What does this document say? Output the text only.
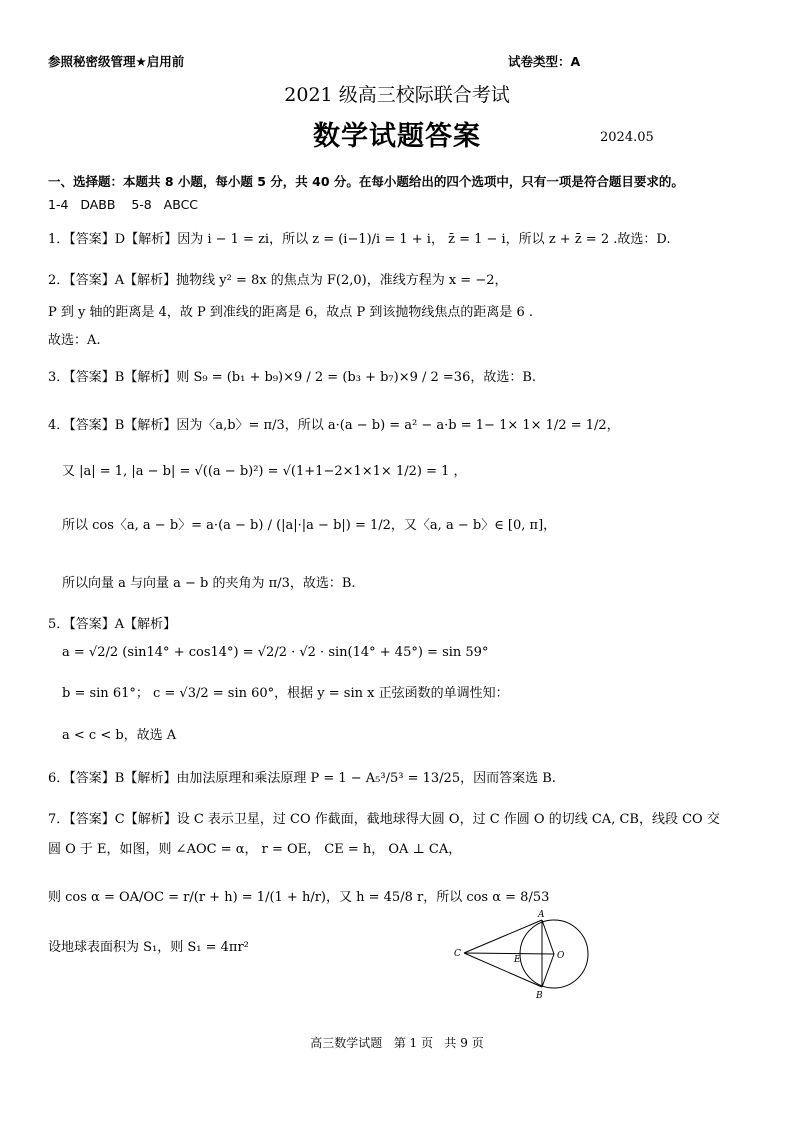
参照秘密级管理★启用前	试卷类型：A
2021 级高三校际联合考试
数学试题答案	2024.05
一、选择题：本题共 8 小题，每小题 5 分，共 40 分。在每小题给出的四个选项中，只有一项是符合题目要求的。
1-4   DABB    5-8   ABCC
1．【答案】D【解析】因为 i − 1 = zi，所以 z = (i−1)/i = 1 + i， z̄ = 1 − i，所以 z + z̄ = 2 .故选：D.
2．【答案】A【解析】抛物线 y² = 8x 的焦点为 F(2,0)，准线方程为 x = −2，
P 到 y 轴的距离是 4，故 P 到准线的距离是 6，故点 P 到该抛物线焦点的距离是 6 .
故选：A.
3．【答案】B【解析】则 S₉ = (b₁ + b₉)×9 / 2 = (b₃ + b₇)×9 / 2 =36，故选：B.
4．【答案】B【解析】因为〈a,b〉= π/3，所以 a·(a − b) = a² − a·b = 1− 1× 1× 1/2 = 1/2，
又 |a| = 1, |a − b| = √((a − b)²) = √(1+1−2×1×1× 1/2) = 1 ，
所以 cos〈a, a − b〉= a·(a − b) / (|a|·|a − b|) = 1/2，又〈a, a − b〉∈ [0, π]，
所以向量 a 与向量 a − b 的夹角为 π/3，故选：B.
5．【答案】A【解析】
a = √2/2 (sin14° + cos14°) = √2/2 · √2 · sin(14° + 45°) = sin 59°
b = sin 61°； c = √3/2 = sin 60°，根据 y = sin x 正弦函数的单调性知：
a < c < b，故选 A
6．【答案】B【解析】由加法原理和乘法原理 P = 1 − A₅³/5³ = 13/25，因而答案选 B.
7．【答案】C【解析】设 C 表示卫星，过 CO 作截面，截地球得大圆 O，过 C 作圆 O 的切线 CA, CB，线段 CO 交
圆 O 于 E，如图，则 ∠AOC = α， r = OE， CE = h， OA ⊥ CA，
则 cos α = OA/OC = r/(r + h) = 1/(1 + h/r)，又 h = 45/8 r，所以 cos α = 8/53
设地球表面积为 S₁，则 S₁ = 4πr²
A
B
C
E	O
高三数学试题   第 1 页   共 9 页
